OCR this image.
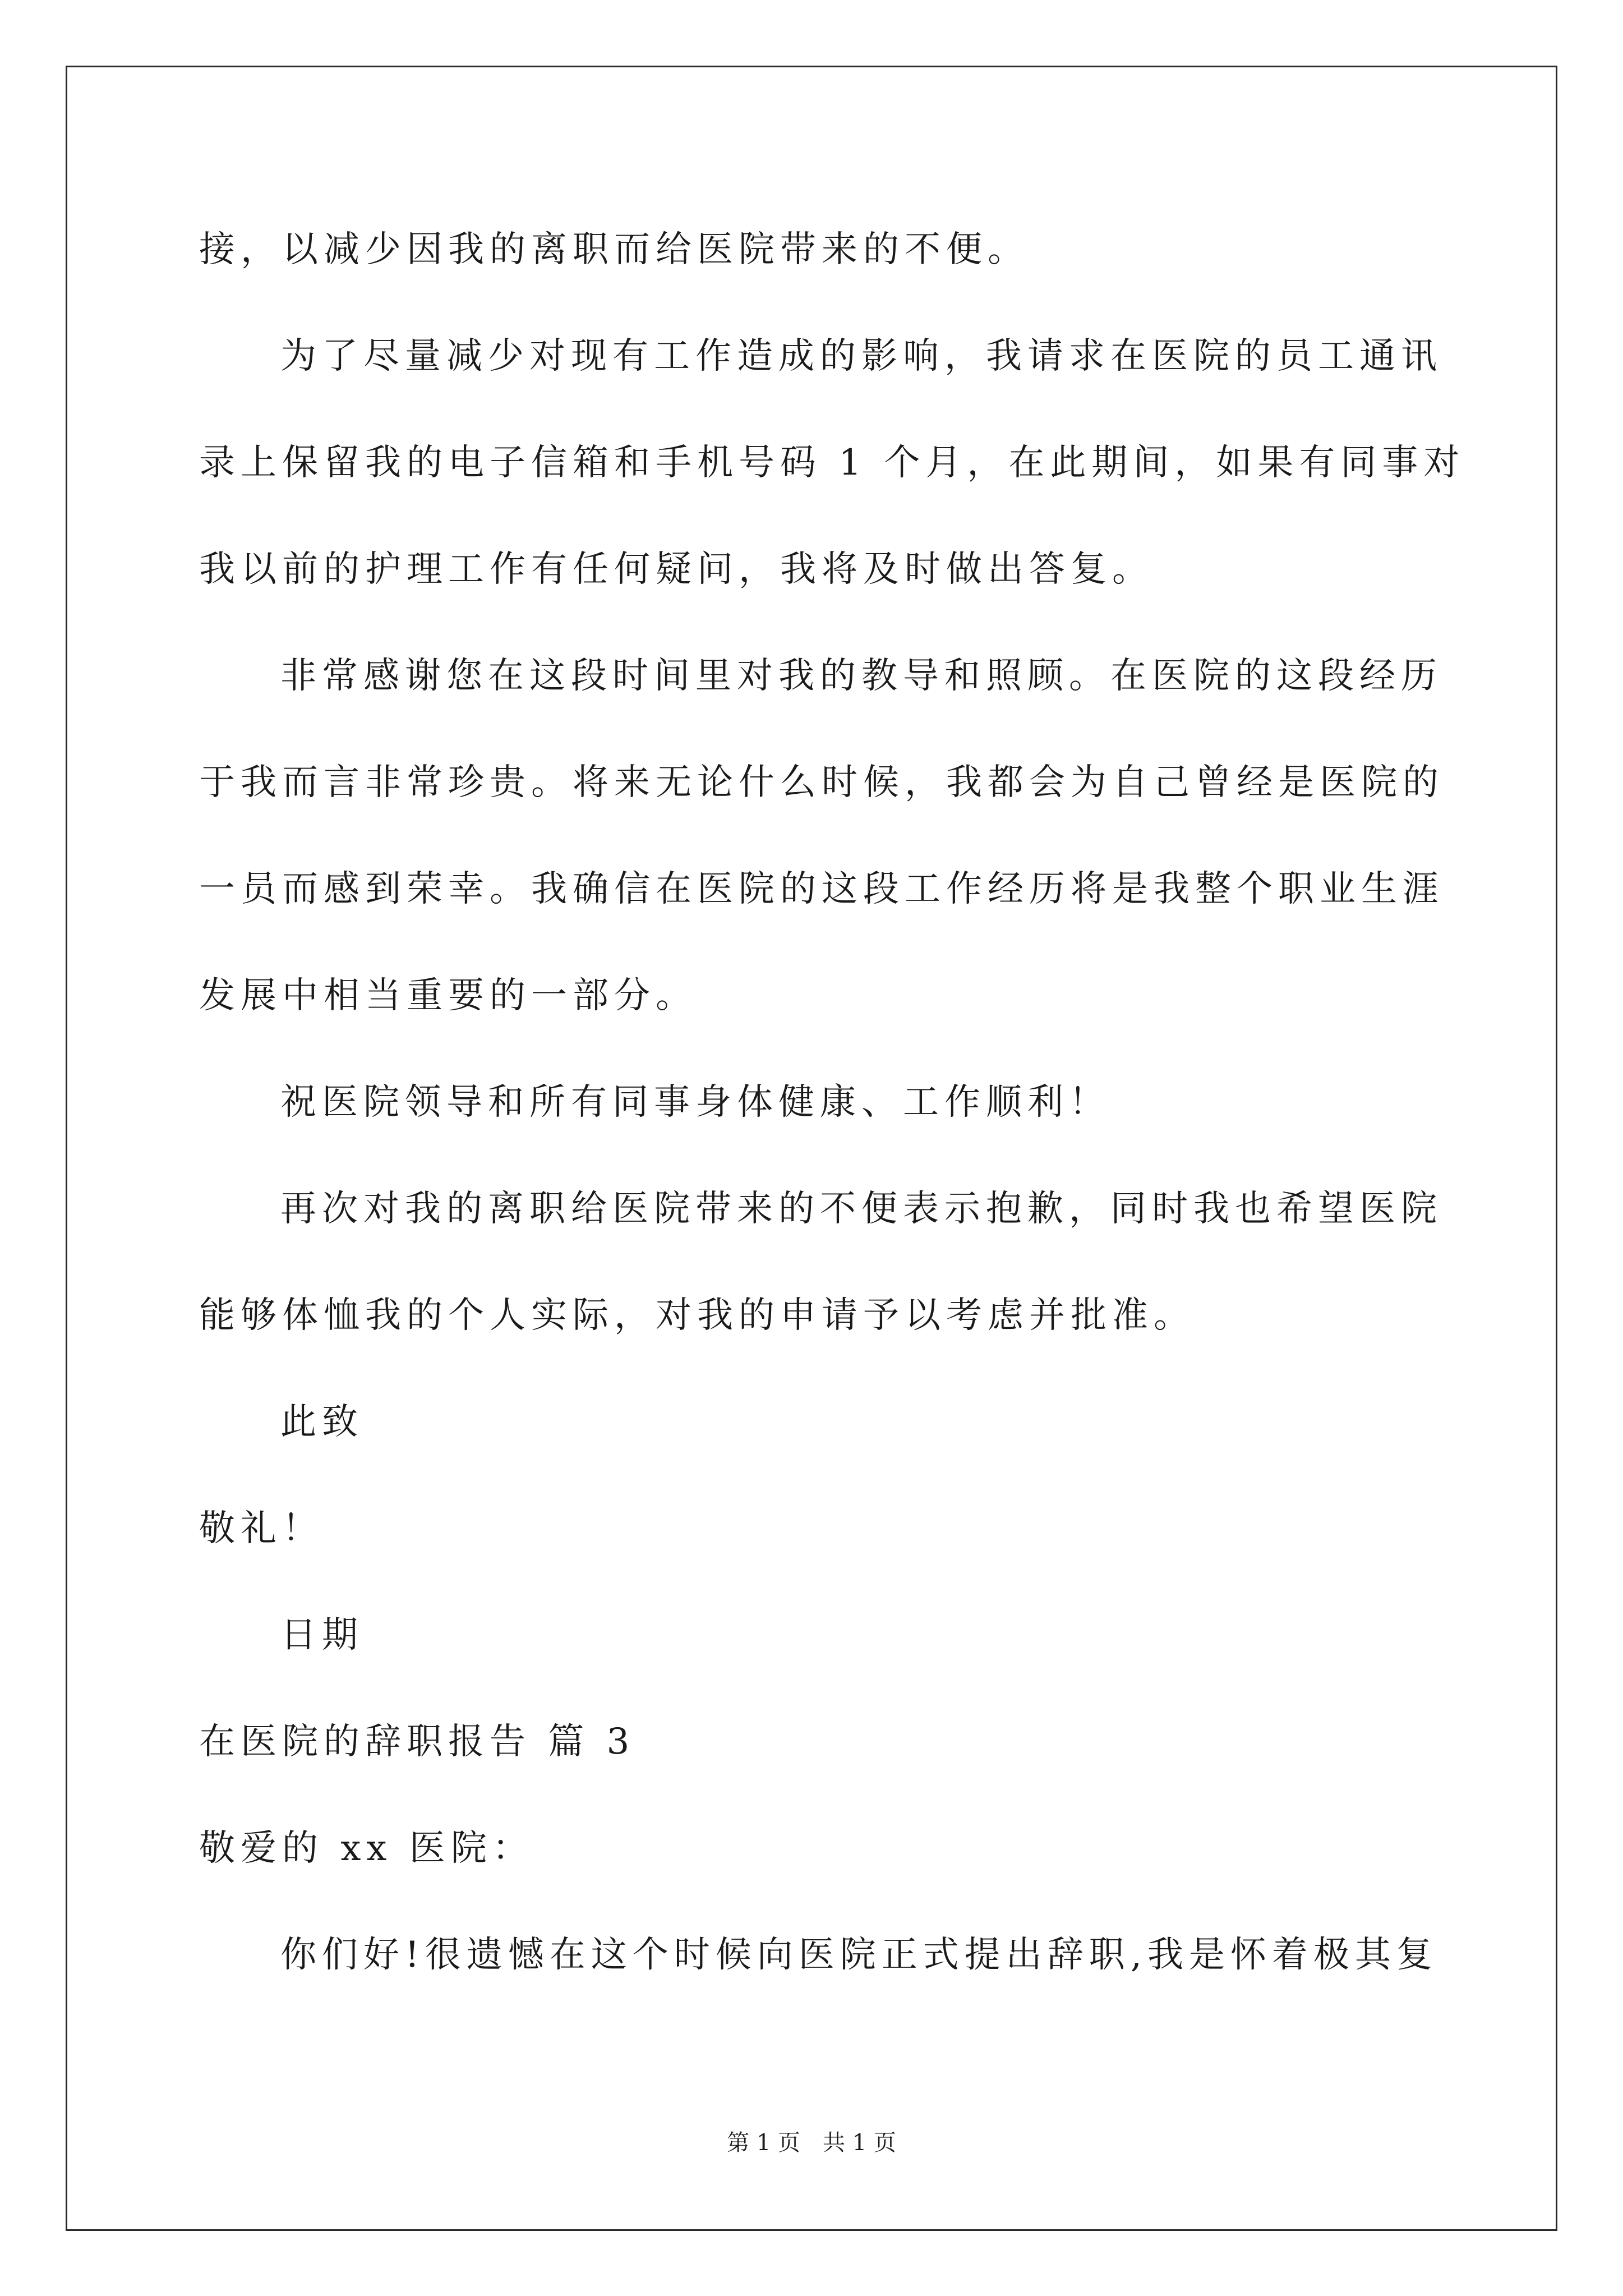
接，以减少因我的离职而给医院带来的不便。
为了尽量减少对现有工作造成的影响，我请求在医院的员工通讯
录上保留我的电子信箱和手机号码 1 个月，在此期间，如果有同事对
我以前的护理工作有任何疑问，我将及时做出答复。
非常感谢您在这段时间里对我的教导和照顾。在医院的这段经历
于我而言非常珍贵。将来无论什么时候，我都会为自己曾经是医院的
一员而感到荣幸。我确信在医院的这段工作经历将是我整个职业生涯
发展中相当重要的一部分。
祝医院领导和所有同事身体健康、工作顺利！
再次对我的离职给医院带来的不便表示抱歉，同时我也希望医院
能够体恤我的个人实际，对我的申请予以考虑并批准。
此致
敬礼！
日期
在医院的辞职报告 篇 3
敬爱的 xx 医院：
你们好!很遗憾在这个时候向医院正式提出辞职,我是怀着极其复
第 1 页 共 1 页
